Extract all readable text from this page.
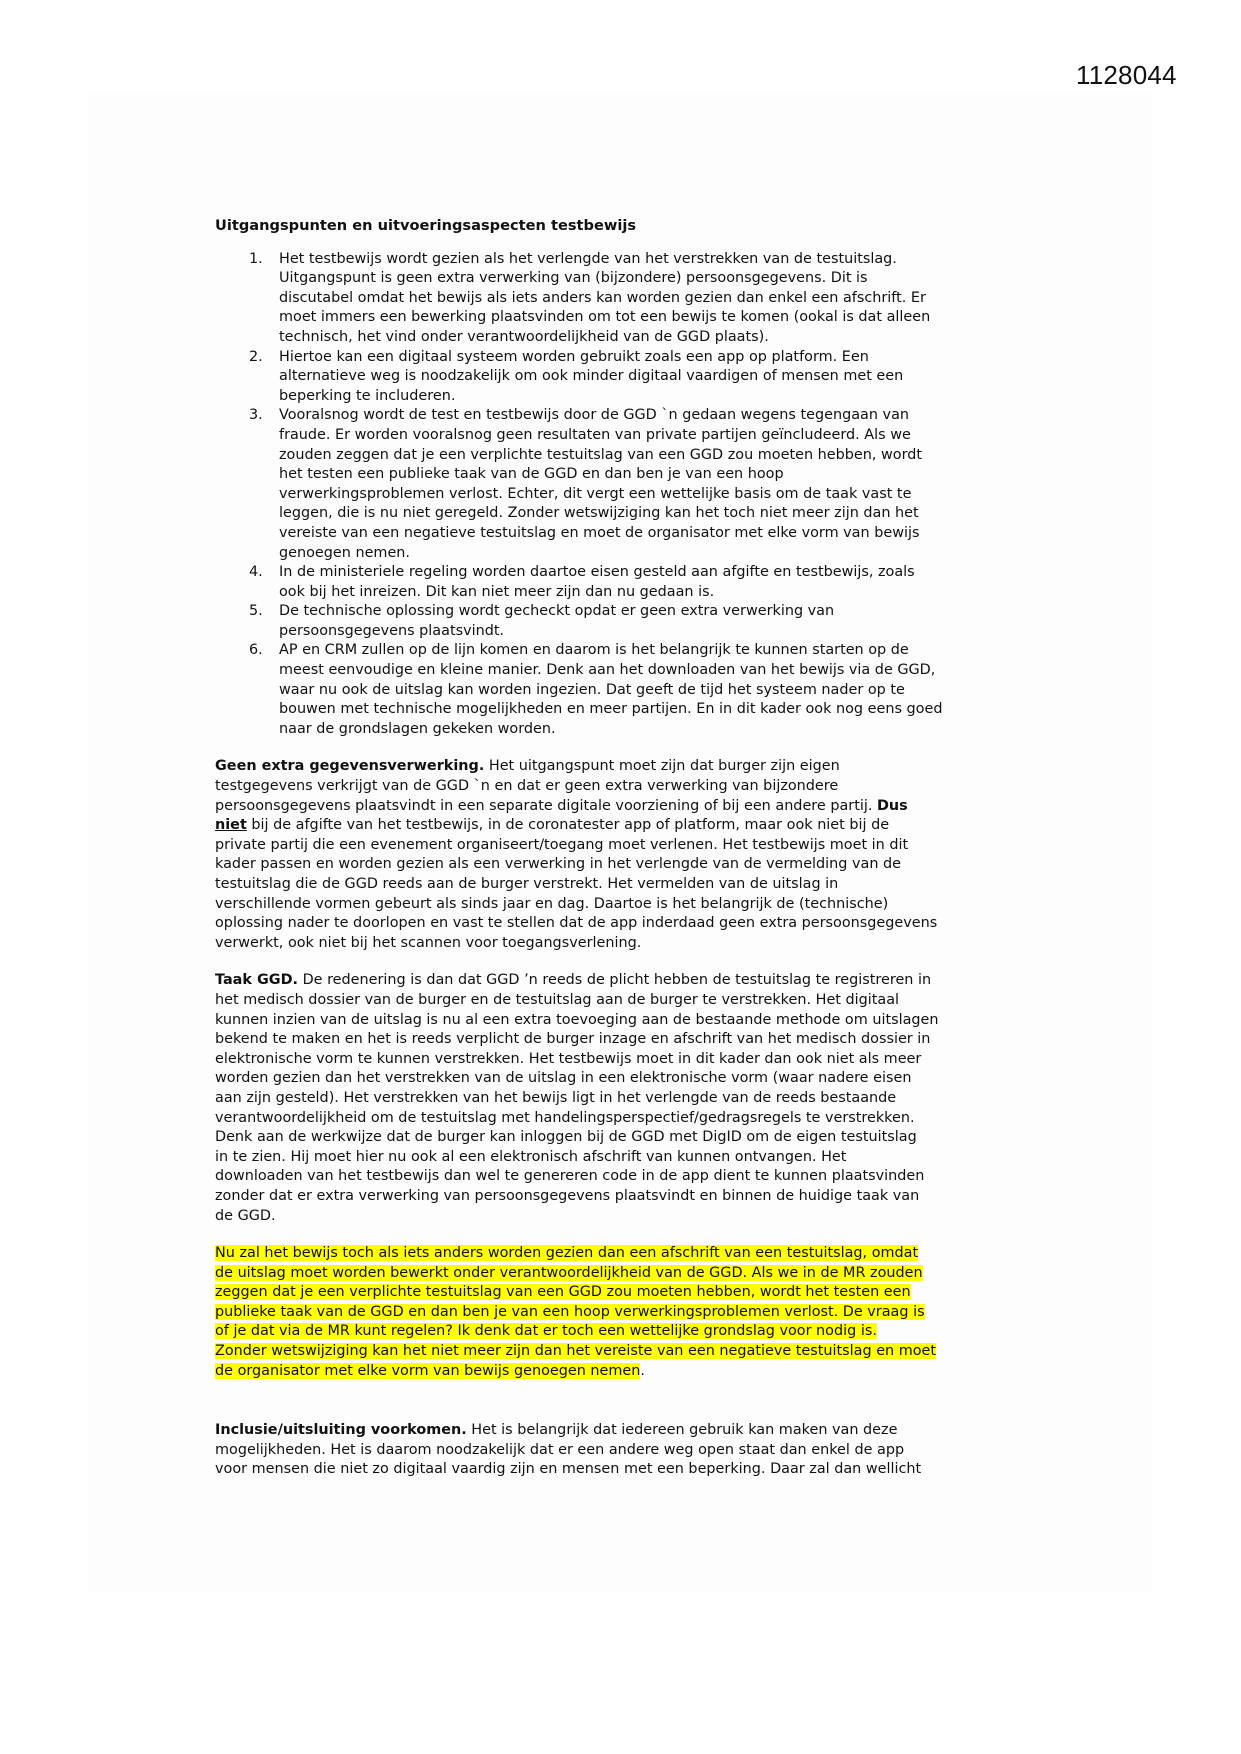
1128044
Uitgangspunten en uitvoeringsaspecten testbewijs
1. Het testbewijs wordt gezien als het verlengde van het verstrekken van de testuitslag.
Uitgangspunt is geen extra verwerking van (bijzondere) persoonsgegevens. Dit is
discutabel omdat het bewijs als iets anders kan worden gezien dan enkel een afschrift. Er
moet immers een bewerking plaatsvinden om tot een bewijs te komen (ookal is dat alleen
technisch, het vind onder verantwoordelijkheid van de GGD plaats).
2. Hiertoe kan een digitaal systeem worden gebruikt zoals een app op platform. Een
alternatieve weg is noodzakelijk om ook minder digitaal vaardigen of mensen met een
beperking te includeren.
3. Vooralsnog wordt de test en testbewijs door de GGD `n gedaan wegens tegengaan van
fraude. Er worden vooralsnog geen resultaten van private partijen geïncludeerd. Als we
zouden zeggen dat je een verplichte testuitslag van een GGD zou moeten hebben, wordt
het testen een publieke taak van de GGD en dan ben je van een hoop
verwerkingsproblemen verlost. Echter, dit vergt een wettelijke basis om de taak vast te
leggen, die is nu niet geregeld. Zonder wetswijziging kan het toch niet meer zijn dan het
vereiste van een negatieve testuitslag en moet de organisator met elke vorm van bewijs
genoegen nemen.
4. In de ministeriele regeling worden daartoe eisen gesteld aan afgifte en testbewijs, zoals
ook bij het inreizen. Dit kan niet meer zijn dan nu gedaan is.
5. De technische oplossing wordt gecheckt opdat er geen extra verwerking van
persoonsgegevens plaatsvindt.
6. AP en CRM zullen op de lijn komen en daarom is het belangrijk te kunnen starten op de
meest eenvoudige en kleine manier. Denk aan het downloaden van het bewijs via de GGD,
waar nu ook de uitslag kan worden ingezien. Dat geeft de tijd het systeem nader op te
bouwen met technische mogelijkheden en meer partijen. En in dit kader ook nog eens goed
naar de grondslagen gekeken worden.
Geen extra gegevensverwerking. Het uitgangspunt moet zijn dat burger zijn eigen
testgegevens verkrijgt van de GGD `n en dat er geen extra verwerking van bijzondere
persoonsgegevens plaatsvindt in een separate digitale voorziening of bij een andere partij. Dus
niet bij de afgifte van het testbewijs, in de coronatester app of platform, maar ook niet bij de
private partij die een evenement organiseert/toegang moet verlenen. Het testbewijs moet in dit
kader passen en worden gezien als een verwerking in het verlengde van de vermelding van de
testuitslag die de GGD reeds aan de burger verstrekt. Het vermelden van de uitslag in
verschillende vormen gebeurt als sinds jaar en dag. Daartoe is het belangrijk de (technische)
oplossing nader te doorlopen en vast te stellen dat de app inderdaad geen extra persoonsgegevens
verwerkt, ook niet bij het scannen voor toegangsverlening.
Taak GGD. De redenering is dan dat GGD ’n reeds de plicht hebben de testuitslag te registreren in
het medisch dossier van de burger en de testuitslag aan de burger te verstrekken. Het digitaal
kunnen inzien van de uitslag is nu al een extra toevoeging aan de bestaande methode om uitslagen
bekend te maken en het is reeds verplicht de burger inzage en afschrift van het medisch dossier in
elektronische vorm te kunnen verstrekken. Het testbewijs moet in dit kader dan ook niet als meer
worden gezien dan het verstrekken van de uitslag in een elektronische vorm (waar nadere eisen
aan zijn gesteld). Het verstrekken van het bewijs ligt in het verlengde van de reeds bestaande
verantwoordelijkheid om de testuitslag met handelingsperspectief/gedragsregels te verstrekken.
Denk aan de werkwijze dat de burger kan inloggen bij de GGD met DigID om de eigen testuitslag
in te zien. Hij moet hier nu ook al een elektronisch afschrift van kunnen ontvangen. Het
downloaden van het testbewijs dan wel te genereren code in de app dient te kunnen plaatsvinden
zonder dat er extra verwerking van persoonsgegevens plaatsvindt en binnen de huidige taak van
de GGD.
Nu zal het bewijs toch als iets anders worden gezien dan een afschrift van een testuitslag, omdat
de uitslag moet worden bewerkt onder verantwoordelijkheid van de GGD. Als we in de MR zouden
zeggen dat je een verplichte testuitslag van een GGD zou moeten hebben, wordt het testen een
publieke taak van de GGD en dan ben je van een hoop verwerkingsproblemen verlost. De vraag is
of je dat via de MR kunt regelen? Ik denk dat er toch een wettelijke grondslag voor nodig is.
Zonder wetswijziging kan het niet meer zijn dan het vereiste van een negatieve testuitslag en moet
de organisator met elke vorm van bewijs genoegen nemen.
Inclusie/uitsluiting voorkomen. Het is belangrijk dat iedereen gebruik kan maken van deze
mogelijkheden. Het is daarom noodzakelijk dat er een andere weg open staat dan enkel de app
voor mensen die niet zo digitaal vaardig zijn en mensen met een beperking. Daar zal dan wellicht
